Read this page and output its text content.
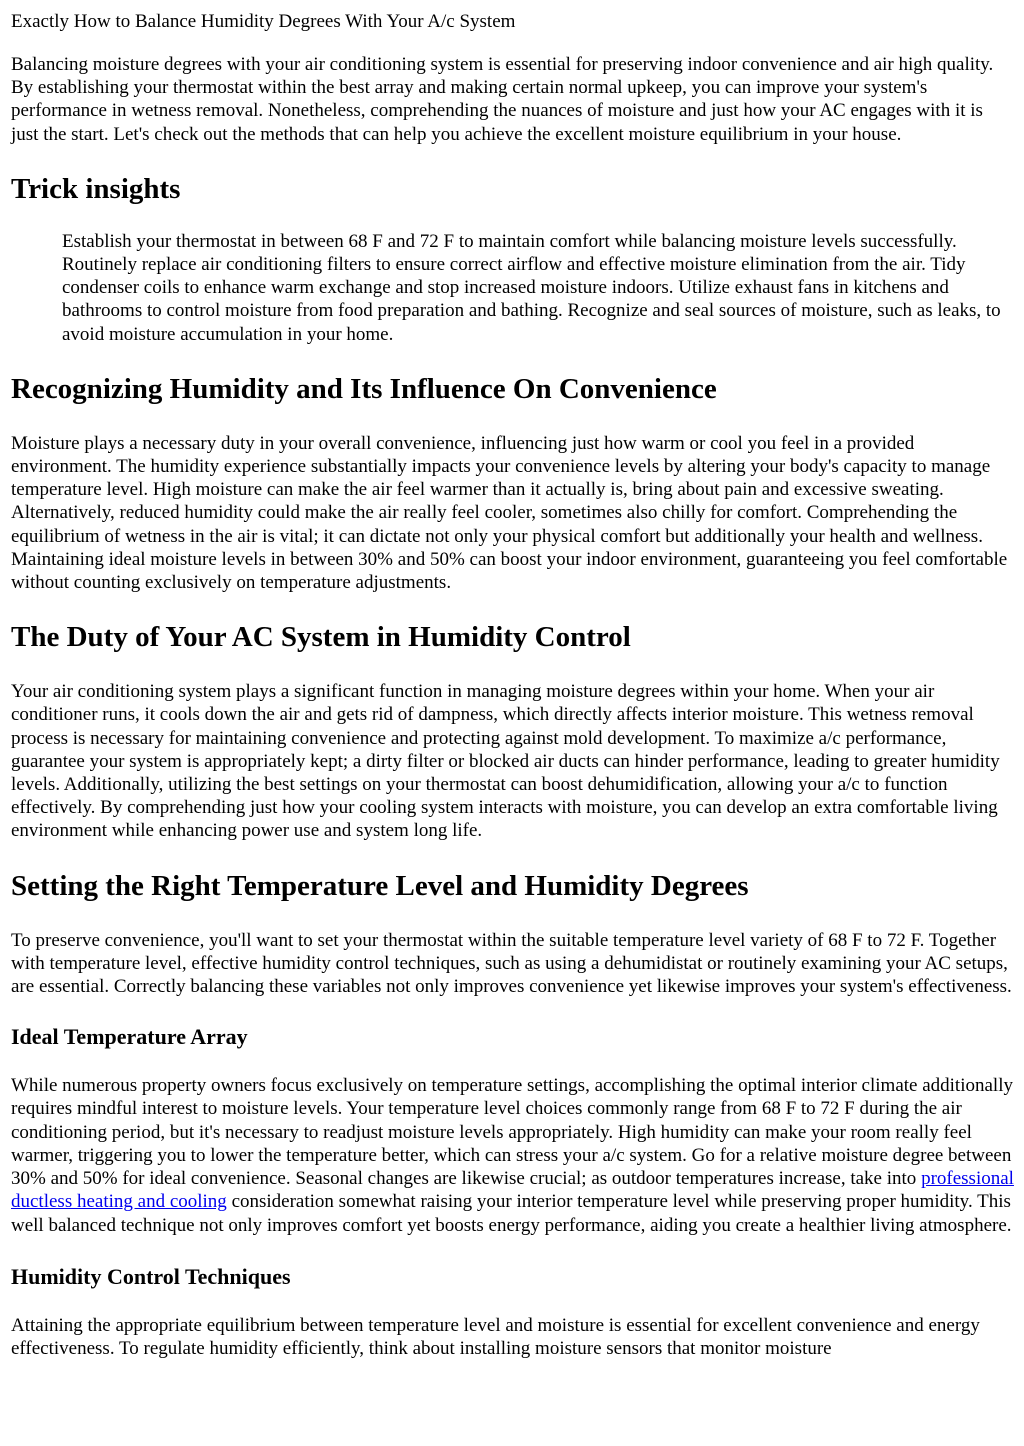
Exactly How to Balance Humidity Degrees With Your A/c System

Balancing moisture degrees with your air conditioning system is essential for preserving indoor convenience and air high quality. By establishing your thermostat within the best array and making certain normal upkeep, you can improve your system's performance in wetness removal. Nonetheless, comprehending the nuances of moisture and just how your AC engages with it is just the start. Let's check out the methods that can help you achieve the excellent moisture equilibrium in your house.

Trick insights

Establish your thermostat in between 68 F and 72 F to maintain comfort while balancing moisture levels successfully. Routinely replace air conditioning filters to ensure correct airflow and effective moisture elimination from the air. Tidy condenser coils to enhance warm exchange and stop increased moisture indoors. Utilize exhaust fans in kitchens and bathrooms to control moisture from food preparation and bathing. Recognize and seal sources of moisture, such as leaks, to avoid moisture accumulation in your home.

Recognizing Humidity and Its Influence On Convenience

Moisture plays a necessary duty in your overall convenience, influencing just how warm or cool you feel in a provided environment. The humidity experience substantially impacts your convenience levels by altering your body's capacity to manage temperature level. High moisture can make the air feel warmer than it actually is, bring about pain and excessive sweating. Alternatively, reduced humidity could make the air really feel cooler, sometimes also chilly for comfort. Comprehending the equilibrium of wetness in the air is vital; it can dictate not only your physical comfort but additionally your health and wellness. Maintaining ideal moisture levels in between 30% and 50% can boost your indoor environment, guaranteeing you feel comfortable without counting exclusively on temperature adjustments.

The Duty of Your AC System in Humidity Control

Your air conditioning system plays a significant function in managing moisture degrees within your home. When your air conditioner runs, it cools down the air and gets rid of dampness, which directly affects interior moisture. This wetness removal process is necessary for maintaining convenience and protecting against mold development. To maximize a/c performance, guarantee your system is appropriately kept; a dirty filter or blocked air ducts can hinder performance, leading to greater humidity levels. Additionally, utilizing the best settings on your thermostat can boost dehumidification, allowing your a/c to function effectively. By comprehending just how your cooling system interacts with moisture, you can develop an extra comfortable living environment while enhancing power use and system long life.

Setting the Right Temperature Level and Humidity Degrees

To preserve convenience, you'll want to set your thermostat within the suitable temperature level variety of 68 F to 72 F. Together with temperature level, effective humidity control techniques, such as using a dehumidistat or routinely examining your AC setups, are essential. Correctly balancing these variables not only improves convenience yet likewise improves your system's effectiveness.

Ideal Temperature Array

While numerous property owners focus exclusively on temperature settings, accomplishing the optimal interior climate additionally requires mindful interest to moisture levels. Your temperature level choices commonly range from 68 F to 72 F during the air conditioning period, but it's necessary to readjust moisture levels appropriately. High humidity can make your room really feel warmer, triggering you to lower the temperature better, which can stress your a/c system. Go for a relative moisture degree between 30% and 50% for ideal convenience. Seasonal changes are likewise crucial; as outdoor temperatures increase, take into professional ductless heating and cooling consideration somewhat raising your interior temperature level while preserving proper humidity. This well balanced technique not only improves comfort yet boosts energy performance, aiding you create a healthier living atmosphere.

Humidity Control Techniques

Attaining the appropriate equilibrium between temperature level and moisture is essential for excellent convenience and energy effectiveness. To regulate humidity efficiently, think about installing moisture sensors that monitor moisture
